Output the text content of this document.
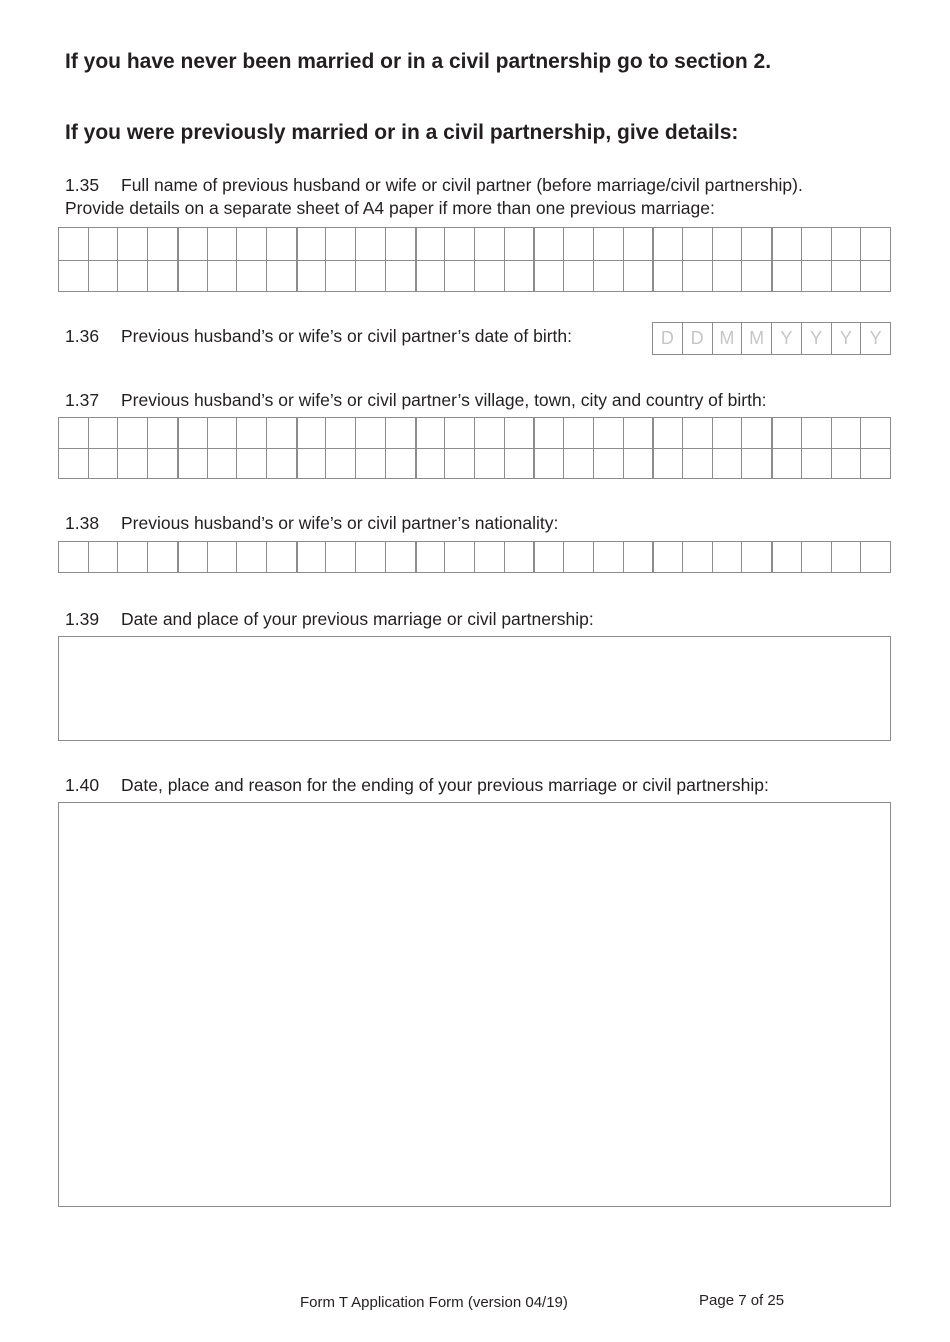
If you have never been married or in a civil partnership go to section 2.
If you were previously married or in a civil partnership, give details:
1.35 Full name of previous husband or wife or civil partner (before marriage/civil partnership).
Provide details on a separate sheet of A4 paper if more than one previous marriage:
1.36 Previous husband’s or wife’s or civil partner’s date of birth:	D D M M Y Y Y Y
1.37 Previous husband’s or wife’s or civil partner’s village, town, city and country of birth:
1.38 Previous husband’s or wife’s or civil partner’s nationality:
1.39 Date and place of your previous marriage or civil partnership:
1.40 Date, place and reason for the ending of your previous marriage or civil partnership:
Form T Application Form (version 04/19)	Page 7 of 25
